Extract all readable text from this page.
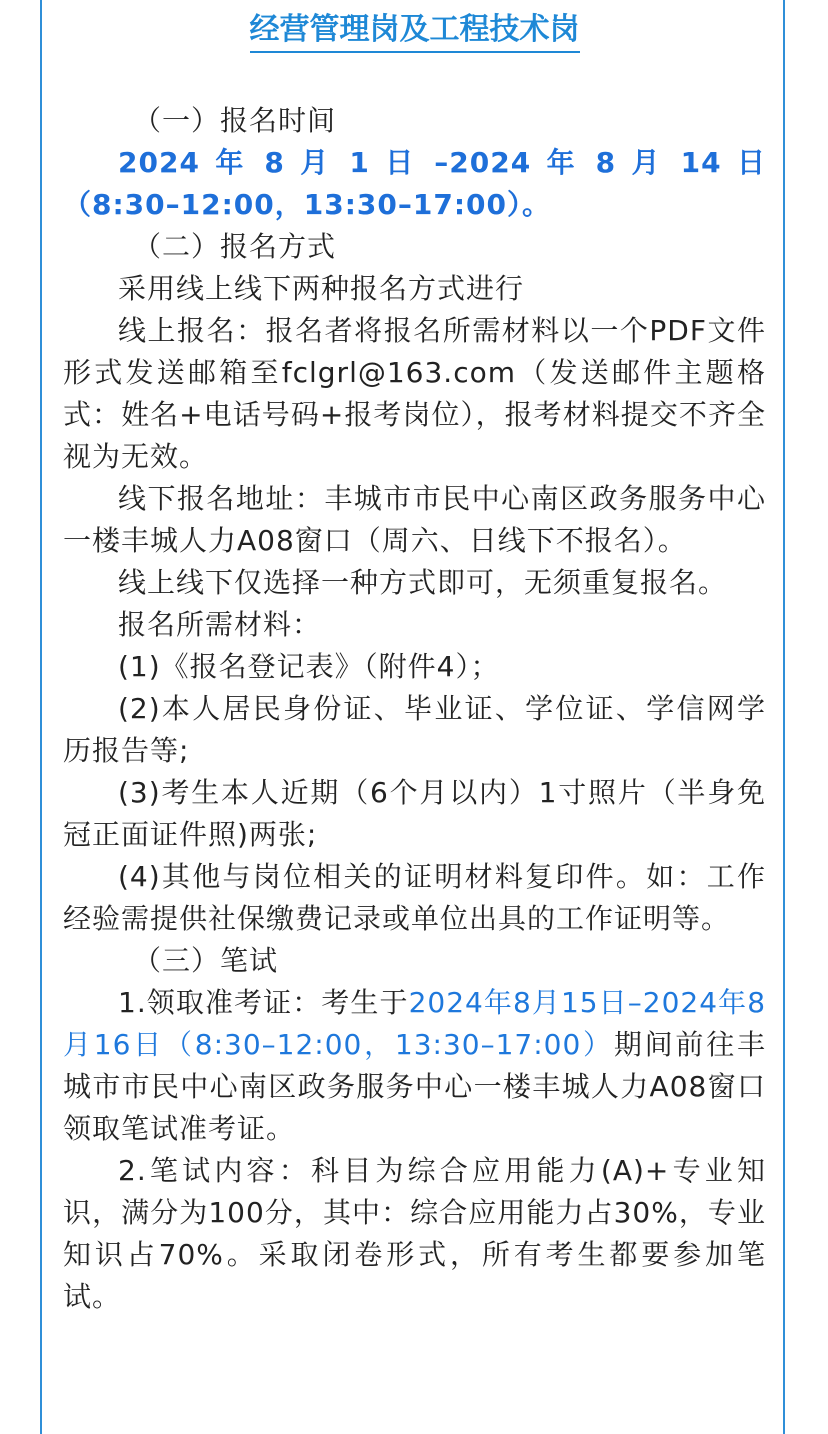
经营管理岗及工程技术岗

（一）报名时间

2024 年 8 月 1 日 –2024 年 8 月 14 日 （8:30–12:00，13:30–17:00）。

（二）报名方式

采用线上线下两种报名方式进行

线上报名：报名者将报名所需材料以一个PDF文件形式发送邮箱至fclgrl@163.com（发送邮件主题格式：姓名+电话号码+报考岗位），报考材料提交不齐全视为无效。

线下报名地址：丰城市市民中心南区政务服务中心一楼丰城人力A08窗口（周六、日线下不报名）。

线上线下仅选择一种方式即可，无须重复报名。

报名所需材料：

(1)《报名登记表》（附件4）；

(2)本人居民身份证、毕业证、学位证、学信网学历报告等;

(3)考生本人近期（6个月以内）1寸照片（半身免冠正面证件照)两张;

(4)其他与岗位相关的证明材料复印件。如：工作经验需提供社保缴费记录或单位出具的工作证明等。

（三）笔试

1.领取准考证：考生于2024年8月15日–2024年8月16日（8:30–12:00，13:30–17:00）期间前往丰城市市民中心南区政务服务中心一楼丰城人力A08窗口领取笔试准考证。

2.笔试内容：科目为综合应用能力(A)+专业知识，满分为100分，其中：综合应用能力占30%，专业知识占70%。采取闭卷形式，所有考生都要参加笔试。
